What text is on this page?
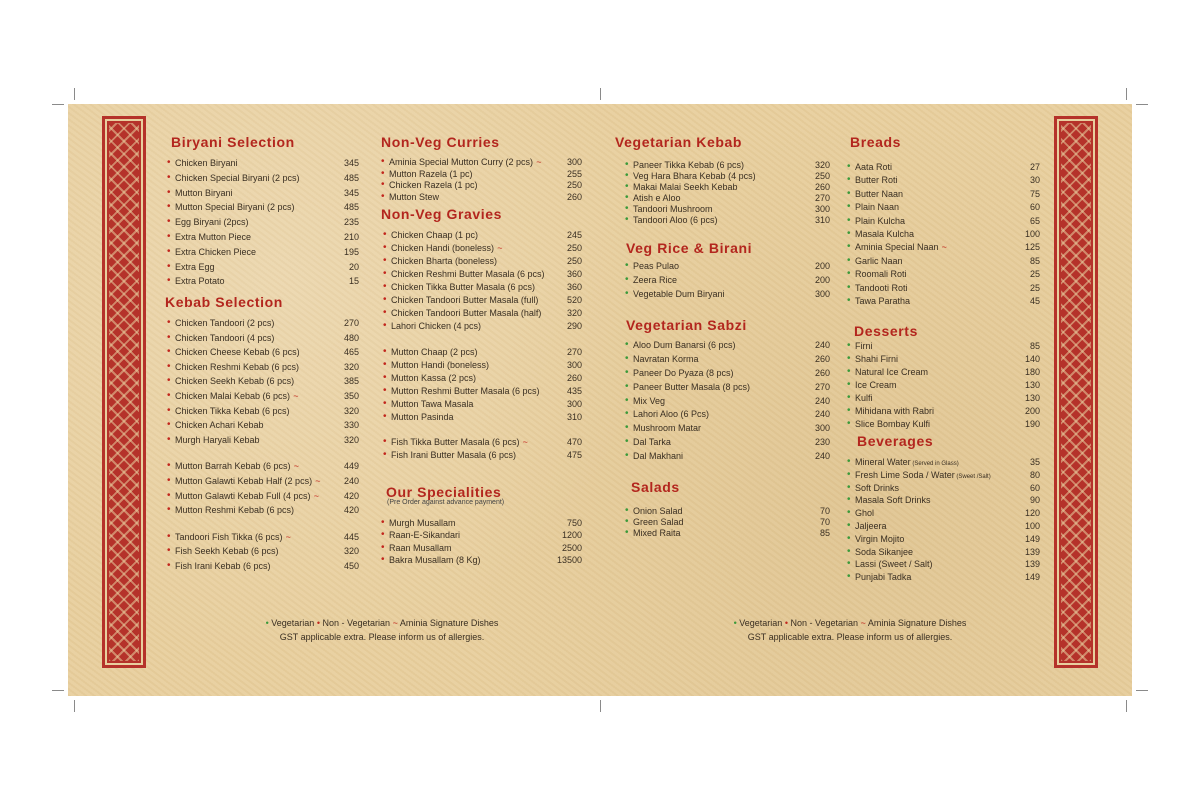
Biryani Selection
• Chicken Biryani	345
• Chicken Special Biryani (2 pcs)	485
• Mutton Biryani	345
• Mutton Special Biryani (2 pcs)	485
• Egg Biryani (2pcs)	235
• Extra Mutton Piece	210
• Extra Chicken Piece	195
• Extra Egg	20
• Extra Potato	15
Kebab Selection
• Chicken Tandoori (2 pcs)	270
• Chicken Tandoori (4 pcs)	480
• Chicken Cheese Kebab (6 pcs)	465
• Chicken Reshmi Kebab (6 pcs)	320
• Chicken Seekh Kebab (6 pcs)	385
• Chicken Malai Kebab (6 pcs) ~	350
• Chicken Tikka Kebab (6 pcs)	320
• Chicken Achari Kebab	330
• Murgh Haryali Kebab	320
• Mutton Barrah Kebab (6 pcs) ~	449
• Mutton Galawti Kebab Half (2 pcs) ~	240
• Mutton Galawti Kebab Full (4 pcs) ~	420
• Mutton Reshmi Kebab (6 pcs)	420
• Tandoori Fish Tikka (6 pcs) ~	445
• Fish Seekh Kebab (6 pcs)	320
• Fish Irani Kebab (6 pcs)	450
Non-Veg Curries
• Aminia Special Mutton Curry (2 pcs) ~	300
• Mutton Razela (1 pc)	255
• Chicken Razela (1 pc)	250
• Mutton Stew	260
Non-Veg Gravies
• Chicken Chaap (1 pc)	245
• Chicken Handi (boneless) ~	250
• Chicken Bharta (boneless)	250
• Chicken Reshmi Butter Masala (6 pcs)	360
• Chicken Tikka Butter Masala (6 pcs)	360
• Chicken Tandoori Butter Masala (full)	520
• Chicken Tandoori Butter Masala (half)	320
• Lahori Chicken (4 pcs)	290
• Mutton Chaap (2 pcs)	270
• Mutton Handi (boneless)	300
• Mutton Kassa (2 pcs)	260
• Mutton Reshmi Butter Masala (6 pcs)	435
• Mutton Tawa Masala	300
• Mutton Pasinda	310
• Fish Tikka Butter Masala (6 pcs) ~	470
• Fish Irani Butter Masala (6 pcs)	475
Our Specialities
(Pre Order against advance payment)
• Murgh Musallam	750
• Raan-E-Sikandari	1200
• Raan Musallam	2500
• Bakra Musallam (8 Kg)	13500
Vegetarian Kebab
• Paneer Tikka Kebab (6 pcs)	320
• Veg Hara Bhara Kebab (4 pcs)	250
• Makai Malai Seekh Kebab	260
• Atish e Aloo	270
• Tandoori Mushroom	300
• Tandoori Aloo (6 pcs)	310
Veg Rice & Birani
• Peas Pulao	200
• Zeera Rice	200
• Vegetable Dum Biryani	300
Vegetarian Sabzi
• Aloo Dum Banarsi (6 pcs)	240
• Navratan Korma	260
• Paneer Do Pyaza (8 pcs)	260
• Paneer Butter Masala (8 pcs)	270
• Mix Veg	240
• Lahori Aloo (6 Pcs)	240
• Mushroom Matar	300
• Dal Tarka	230
• Dal Makhani	240
Salads
• Onion Salad	70
• Green Salad	70
• Mixed Raita	85
Breads
• Aata Roti	27
• Butter Roti	30
• Butter Naan	75
• Plain Naan	60
• Plain Kulcha	65
• Masala Kulcha	100
• Aminia Special Naan ~	125
• Garlic Naan	85
• Roomali Roti	25
• Tandooti Roti	25
• Tawa Paratha	45
Desserts
• Firni	85
• Shahi Firni	140
• Natural Ice Cream	180
• Ice Cream	130
• Kulfi	130
• Mihidana with Rabri	200
• Slice Bombay Kulfi	190
Beverages
• Mineral Water (Served in Glass)	35
• Fresh Lime Soda / Water (Sweet /Salt)	80
• Soft Drinks	60
• Masala Soft Drinks	90
• Ghol	120
• Jaljeera	100
• Virgin Mojito	149
• Soda Sikanjee	139
• Lassi (Sweet / Salt)	139
• Punjabi Tadka	149
• Vegetarian • Non - Vegetarian ~ Aminia Signature Dishes
GST applicable extra. Please inform us of allergies.
• Vegetarian • Non - Vegetarian ~ Aminia Signature Dishes
GST applicable extra. Please inform us of allergies.
